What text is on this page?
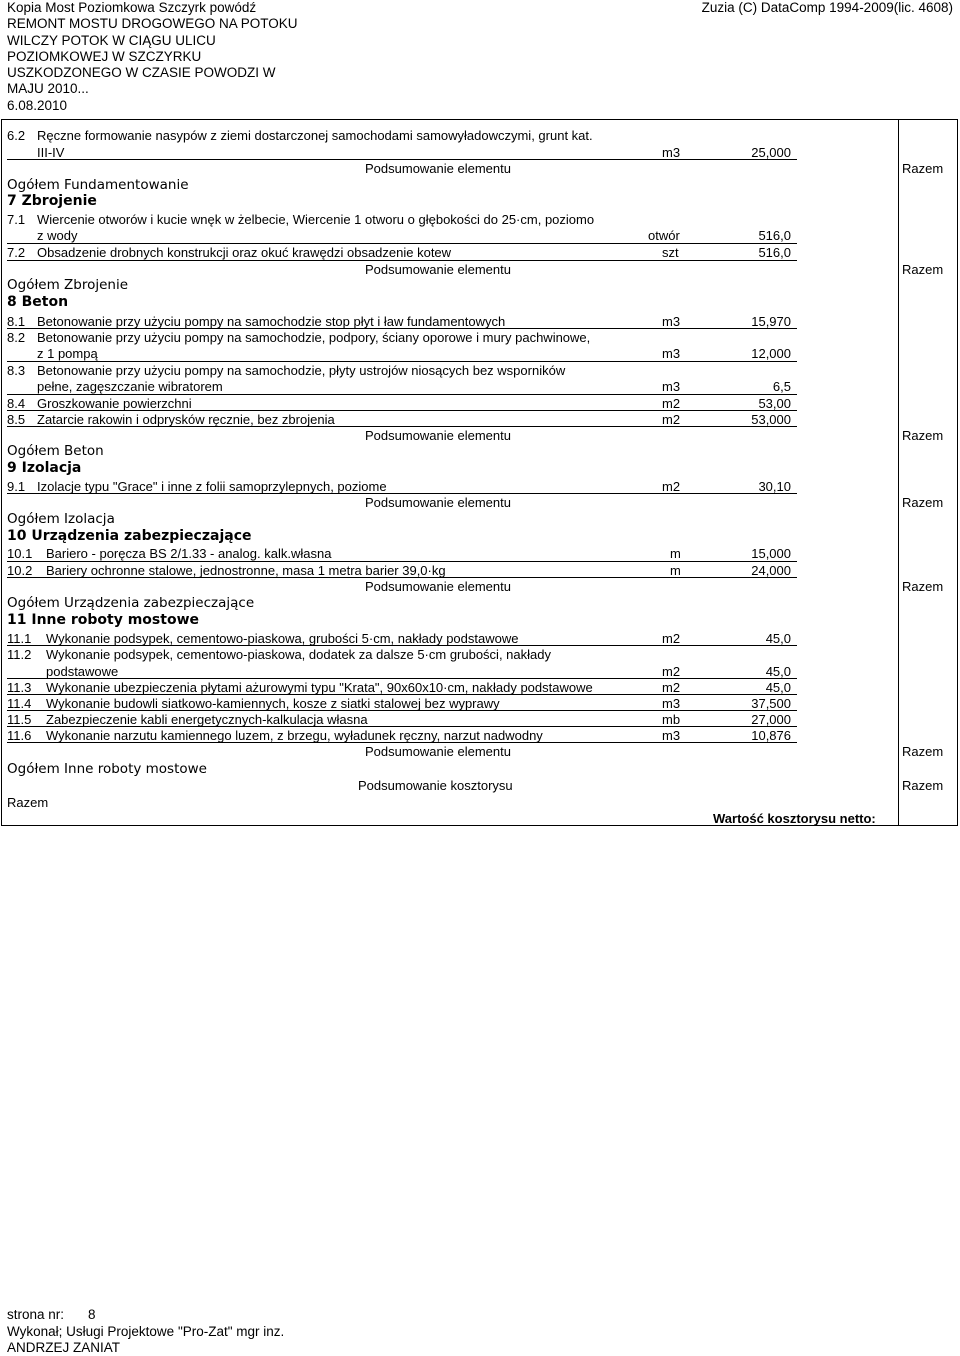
Kopia Most Poziomkowa Szczyrk powódź
REMONT MOSTU DROGOWEGO NA POTOKU
WILCZY POTOK W CIĄGU ULICU
POZIOMKOWEJ W SZCZYRKU
USZKODZONEGO W CZASIE POWODZI W
MAJU 2010...
6.08.2010
Zuzia (C) DataComp 1994-2009(lic. 4608)
6.2 Ręczne formowanie nasypów z ziemi dostarczonej samochodami samowyładowczymi, grunt kat.
III-IV	m3	25,000
Podsumowanie elementu	Razem
Ogółem Fundamentowanie
7 Zbrojenie
7.1 Wiercenie otworów i kucie wnęk w żelbecie, Wiercenie 1 otworu o głębokości do 25·cm, poziomo
z wody	otwór	516,0
7.2 Obsadzenie drobnych konstrukcji oraz okuć krawędzi obsadzenie kotew	szt	516,0
Podsumowanie elementu	Razem
Ogółem Zbrojenie
8 Beton
8.1 Betonowanie przy użyciu pompy na samochodzie stop płyt i ław fundamentowych	m3	15,970
8.2 Betonowanie przy użyciu pompy na samochodzie, podpory, ściany oporowe i mury pachwinowe,
z 1 pompą	m3	12,000
8.3 Betonowanie przy użyciu pompy na samochodzie, płyty ustrojów niosących bez wsporników
pełne, zagęszczanie wibratorem	m3	6,5
8.4 Groszkowanie powierzchni	m2	53,00
8.5 Zatarcie rakowin i odprysków ręcznie, bez zbrojenia	m2	53,000
Podsumowanie elementu	Razem
Ogółem Beton
9 Izolacja
9.1 Izolacje typu "Grace" i inne z folii samoprzylepnych, poziome	m2	30,10
Podsumowanie elementu	Razem
Ogółem Izolacja
10 Urządzenia zabezpieczające
10.1 Bariero - poręcza BS 2/1.33 - analog. kalk.własna	m	15,000
10.2 Bariery ochronne stalowe, jednostronne, masa 1 metra barier 39,0·kg	m	24,000
Podsumowanie elementu	Razem
Ogółem Urządzenia zabezpieczające
11 Inne roboty mostowe
11.1 Wykonanie podsypek, cementowo-piaskowa, grubości 5·cm, nakłady podstawowe	m2	45,0
11.2 Wykonanie podsypek, cementowo-piaskowa, dodatek za dalsze 5·cm grubości, nakłady
podstawowe	m2	45,0
11.3 Wykonanie ubezpieczenia płytami ażurowymi typu "Krata", 90x60x10·cm, nakłady podstawowe	m2	45,0
11.4 Wykonanie budowli siatkowo-kamiennych, kosze z siatki stalowej bez wyprawy	m3	37,500
11.5 Zabezpieczenie kabli energetycznych-kalkulacja własna	mb	27,000
11.6 Wykonanie narzutu kamiennego luzem, z brzegu, wyładunek ręczny, narzut nadwodny	m3	10,876
Podsumowanie elementu	Razem
Ogółem Inne roboty mostowe
Razem
Podsumowanie kosztorysu	Razem
Wartość kosztorysu netto:
strona nr: 8
Wykonał; Usługi Projektowe "Pro-Zat" mgr inz.
ANDRZEJ ZANIAT
